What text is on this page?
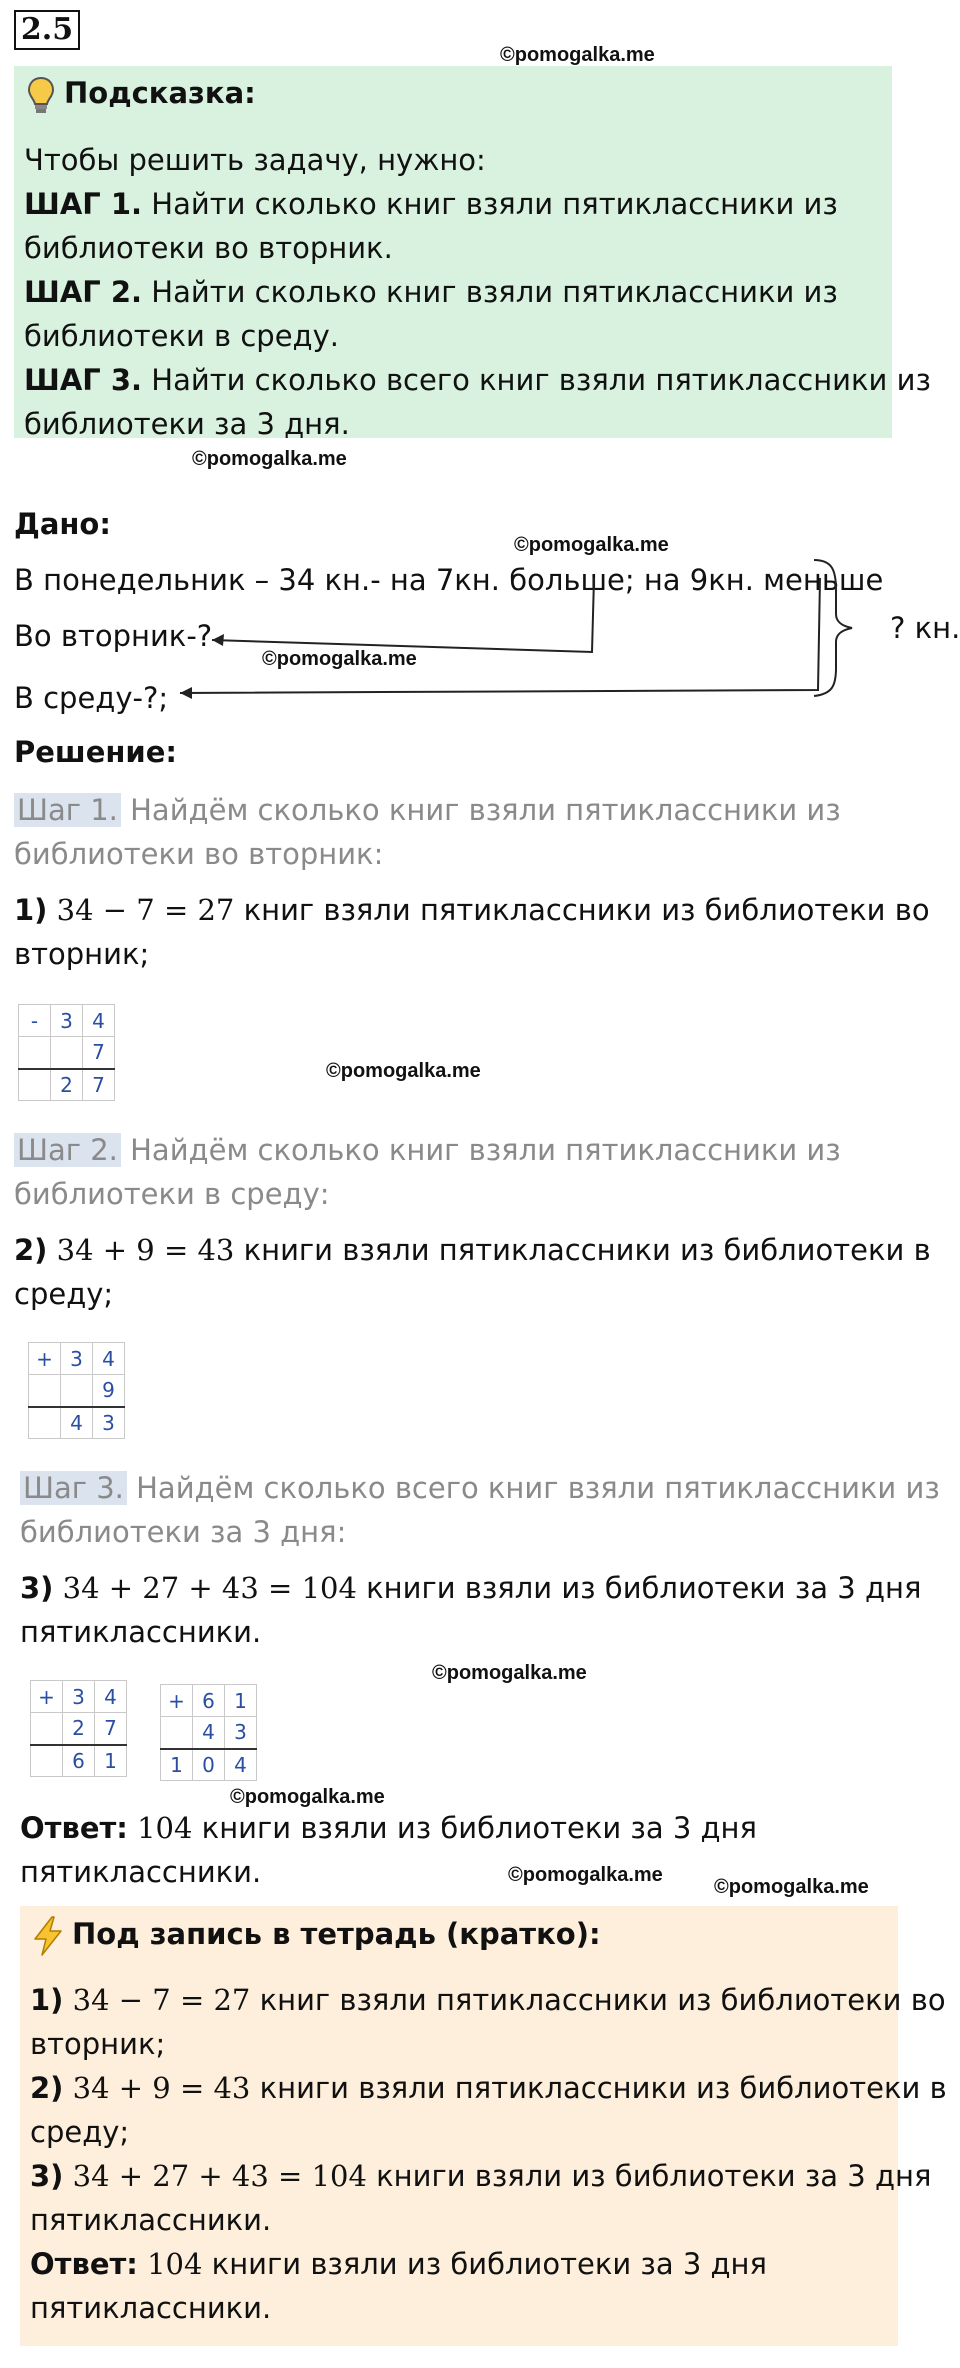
2.5
©pomogalka.me
Подсказка:
Чтобы решить задачу, нужно:
ШАГ 1. Найти сколько книг взяли пятиклассники из
библиотеки во вторник.
ШАГ 2. Найти сколько книг взяли пятиклассники из
библиотеки в среду.
ШАГ 3. Найти сколько всего книг взяли пятиклассники из
библиотеки за 3 дня.
©pomogalka.me
Дано:
В понедельник – 34 кн.- на 7кн. больше; на 9кн. меньше
Во вторник-?
В среду-?;
? кн.
©pomogalka.me
©pomogalka.me
Решение:
Шаг 1. Найдём сколько книг взяли пятиклассники из
библиотеки во вторник:
1) 34 − 7 = 27 книг взяли пятиклассники из библиотеки во
вторник;
-	3	4
		7
	2	7
©pomogalka.me
Шаг 2. Найдём сколько книг взяли пятиклассники из
библиотеки в среду:
2) 34 + 9 = 43 книги взяли пятиклассники из библиотеки в
среду;
+	3	4
		9
	4	3
Шаг 3. Найдём сколько всего книг взяли пятиклассники из
библиотеки за 3 дня:
3) 34 + 27 + 43 = 104 книги взяли из библиотеки за 3 дня
пятиклассники.
+	3	4
	2	7
	6	1
+	6	1
	4	3
1	0	4
©pomogalka.me
©pomogalka.me
Ответ: 104 книги взяли из библиотеки за 3 дня
пятиклассники.	©pomogalka.me
©pomogalka.me
Под запись в тетрадь (кратко):
1) 34 − 7 = 27 книг взяли пятиклассники из библиотеки во
вторник;
2) 34 + 9 = 43 книги взяли пятиклассники из библиотеки в
среду;
3) 34 + 27 + 43 = 104 книги взяли из библиотеки за 3 дня
пятиклассники.
Ответ: 104 книги взяли из библиотеки за 3 дня
пятиклассники.
